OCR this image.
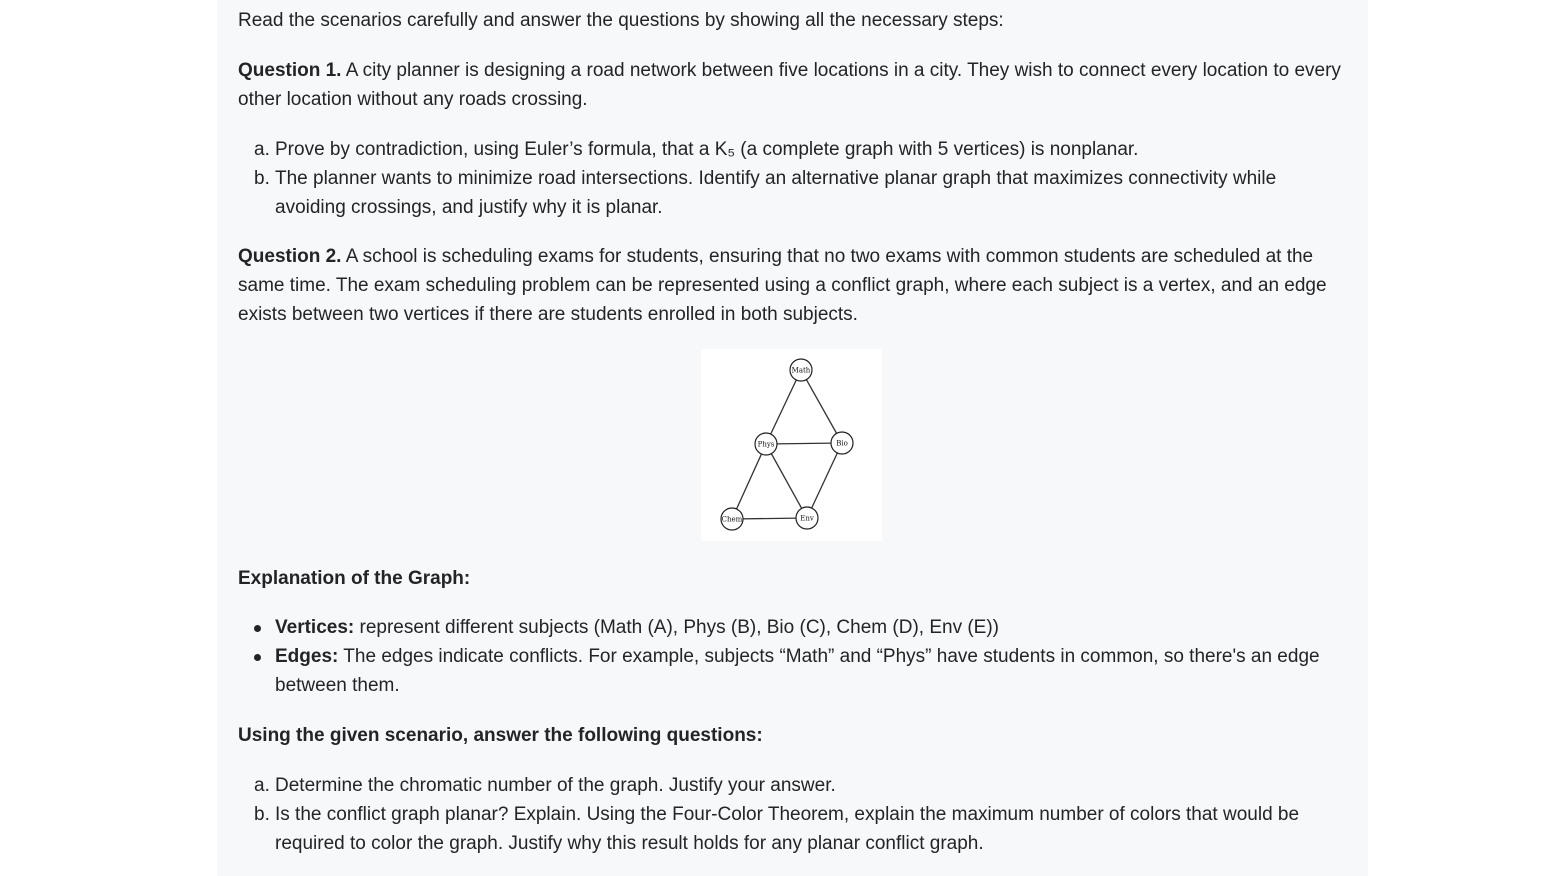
Read the scenarios carefully and answer the questions by showing all the necessary steps:

Question 1. A city planner is designing a road network between five locations in a city. They wish to connect every location to every other location without any roads crossing.

a. Prove by contradiction, using Euler’s formula, that a K₅ (a complete graph with 5 vertices) is nonplanar.
b. The planner wants to minimize road intersections. Identify an alternative planar graph that maximizes connectivity while avoiding crossings, and justify why it is planar.

Question 2. A school is scheduling exams for students, ensuring that no two exams with common students are scheduled at the same time. The exam scheduling problem can be represented using a conflict graph, where each subject is a vertex, and an edge exists between two vertices if there are students enrolled in both subjects.

Math
Phys	Bio
Chem	Env

Explanation of the Graph:

Vertices: represent different subjects (Math (A), Phys (B), Bio (C), Chem (D), Env (E))
Edges: The edges indicate conflicts. For example, subjects “Math” and “Phys” have students in common, so there's an edge between them.

Using the given scenario, answer the following questions:

a. Determine the chromatic number of the graph. Justify your answer.
b. Is the conflict graph planar? Explain. Using the Four-Color Theorem, explain the maximum number of colors that would be required to color the graph. Justify why this result holds for any planar conflict graph.
